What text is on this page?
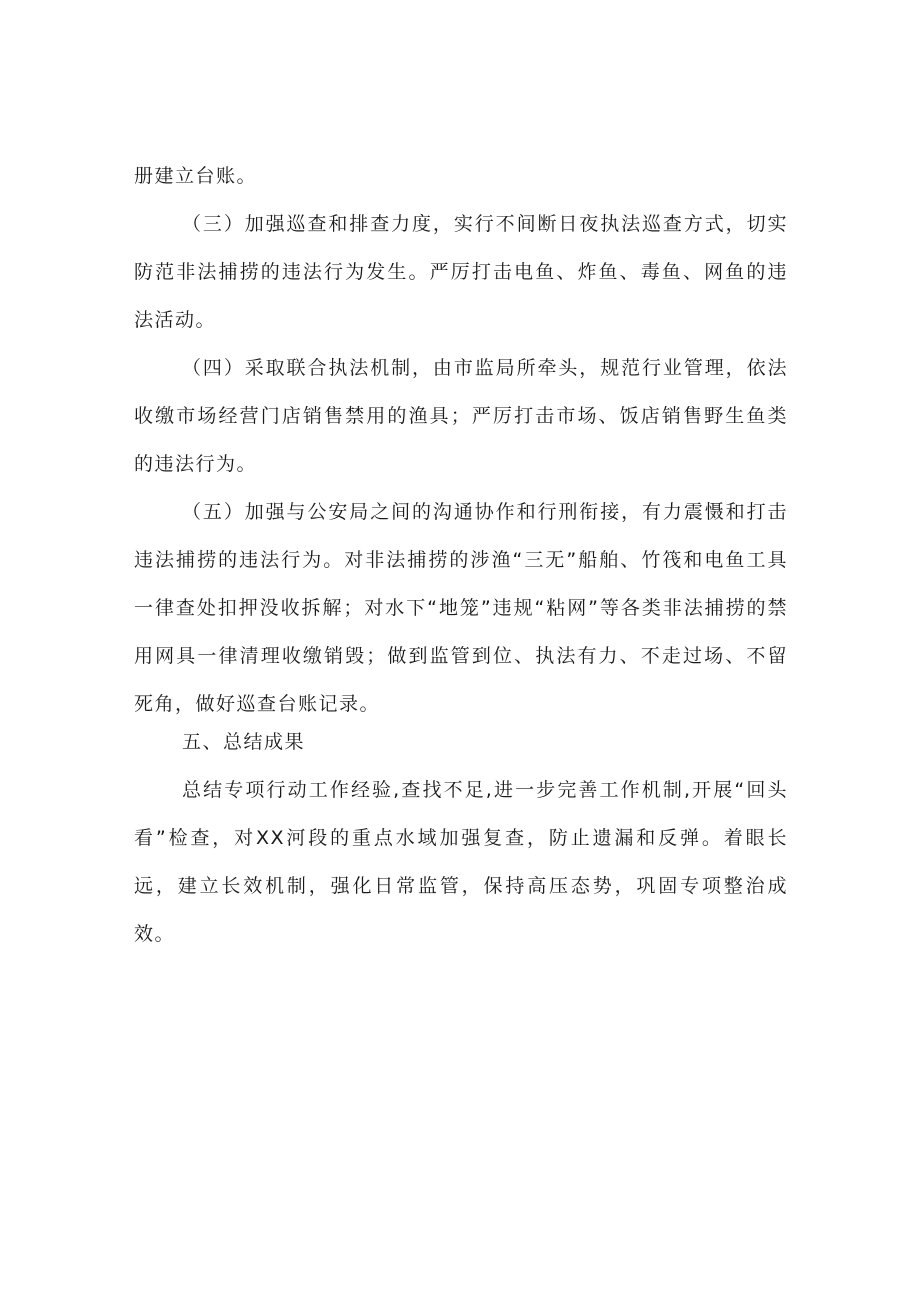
册建立台账。

（三）加强巡查和排查力度，实行不间断日夜执法巡查方式，切实防范非法捕捞的违法行为发生。严厉打击电鱼、炸鱼、毒鱼、网鱼的违法活动。

（四）采取联合执法机制，由市监局所牵头，规范行业管理，依法收缴市场经营门店销售禁用的渔具；严厉打击市场、饭店销售野生鱼类的违法行为。

（五）加强与公安局之间的沟通协作和行刑衔接，有力震慑和打击违法捕捞的违法行为。对非法捕捞的涉渔“三无”船舶、竹筏和电鱼工具一律查处扣押没收拆解；对水下“地笼”违规“粘网”等各类非法捕捞的禁用网具一律清理收缴销毁；做到监管到位、执法有力、不走过场、不留死角，做好巡查台账记录。

五、总结成果

总结专项行动工作经验,查找不足,进一步完善工作机制,开展“回头看”检查，对XX河段的重点水域加强复查，防止遗漏和反弹。着眼长远，建立长效机制，强化日常监管，保持高压态势，巩固专项整治成效。
